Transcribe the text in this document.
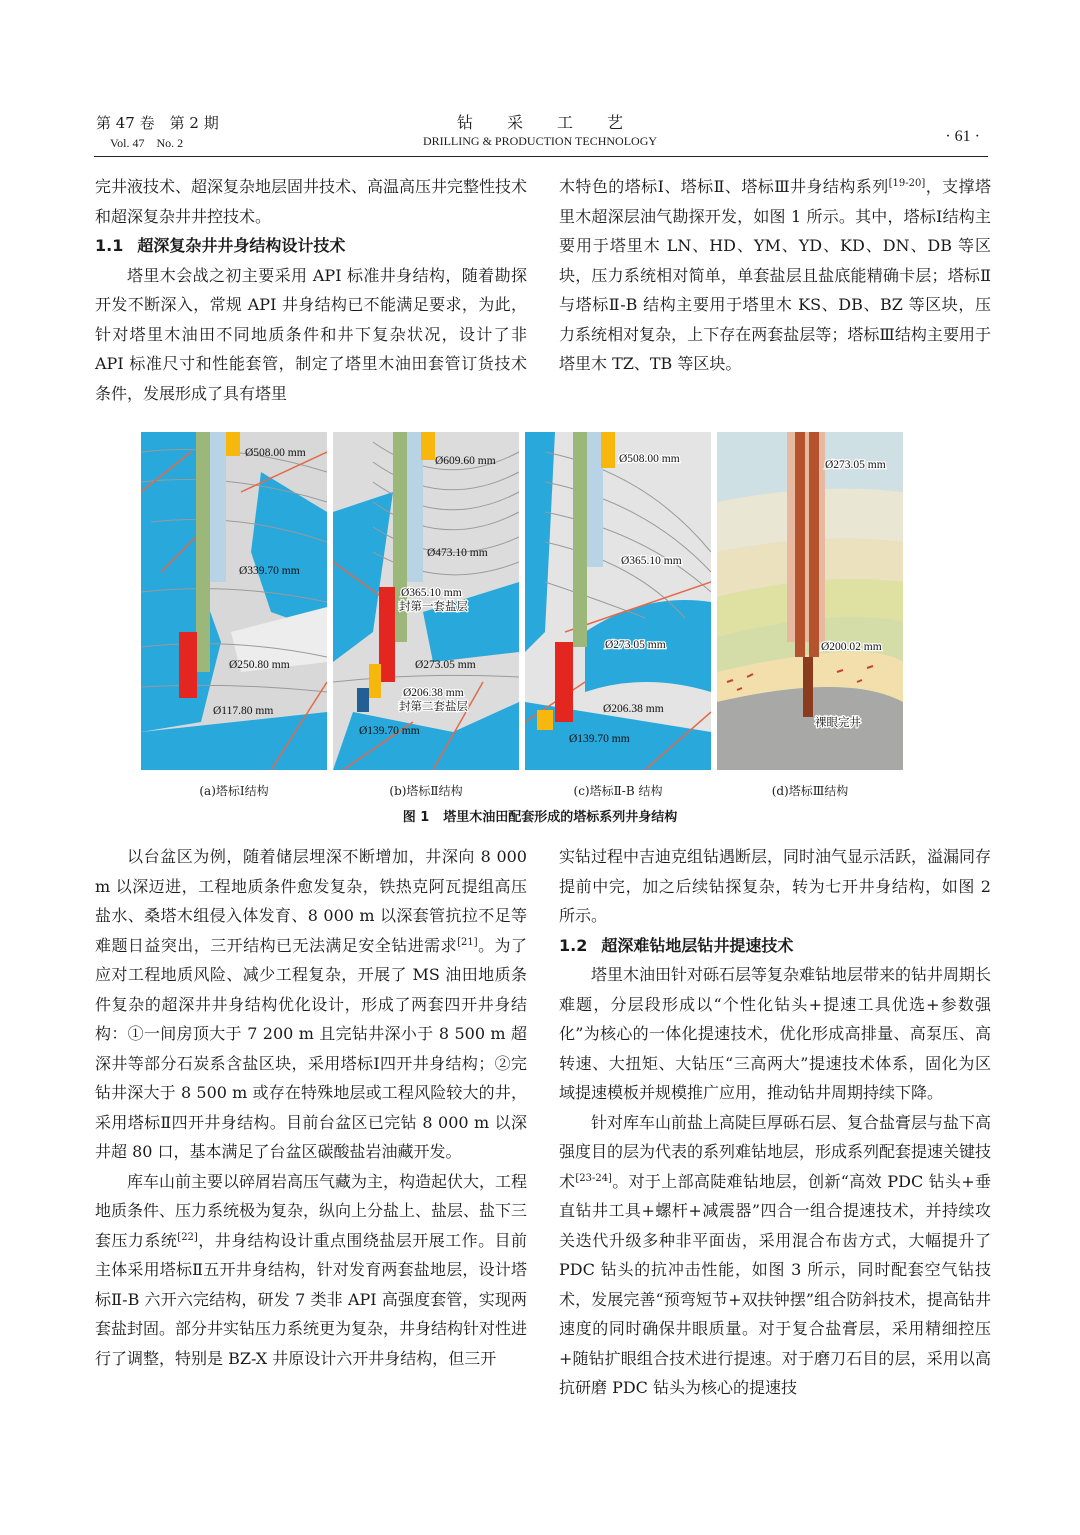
第 47 卷　第 2 期
Vol. 47　No. 2
钻采工艺
DRILLING & PRODUCTION TECHNOLOGY	· 61 ·

完井液技术、超深复杂地层固井技术、高温高压井完整性技术和超深复杂井井控技术。

1.1 超深复杂井井身结构设计技术

塔里木会战之初主要采用 API 标准井身结构，随着勘探开发不断深入，常规 API 井身结构已不能满足要求，为此，针对塔里木油田不同地质条件和井下复杂状况，设计了非 API 标准尺寸和性能套管，制定了塔里木油田套管订货技术条件，发展形成了具有塔里

木特色的塔标Ⅰ、塔标Ⅱ、塔标Ⅲ井身结构系列[19-20]，支撑塔里木超深层油气勘探开发，如图 1 所示。其中，塔标Ⅰ结构主要用于塔里木 LN、HD、YM、YD、KD、DN、DB 等区块，压力系统相对简单，单套盐层且盐底能精确卡层；塔标Ⅱ与塔标Ⅱ-B 结构主要用于塔里木 KS、DB、BZ 等区块，压力系统相对复杂，上下存在两套盐层等；塔标Ⅲ结构主要用于塔里木 TZ、TB 等区块。

Ø508.00 mm
Ø339.70 mm
Ø250.80 mm
Ø117.80 mm
Ø609.60 mm
Ø473.10 mm
Ø365.10 mm
封第一套盐层
Ø273.05 mm
Ø206.38 mm
封第二套盐层
Ø139.70 mm
Ø508.00 mm
Ø365.10 mm
Ø273.05 mm
Ø206.38 mm
Ø139.70 mm
Ø273.05 mm
Ø200.02 mm
裸眼完井
(a)塔标Ⅰ结构	(b)塔标Ⅱ结构	(c)塔标Ⅱ-B 结构	(d)塔标Ⅲ结构
图 1 塔里木油田配套形成的塔标系列井身结构

以台盆区为例，随着储层埋深不断增加，井深向 8 000 m 以深迈进，工程地质条件愈发复杂，铁热克阿瓦提组高压盐水、桑塔木组侵入体发育、8 000 m 以深套管抗拉不足等难题日益突出，三开结构已无法满足安全钻进需求[21]。为了应对工程地质风险、减少工程复杂，开展了 MS 油田地质条件复杂的超深井井身结构优化设计，形成了两套四开井身结构：①一间房顶大于 7 200 m 且完钻井深小于 8 500 m 超深井等部分石炭系含盐区块，采用塔标Ⅰ四开井身结构；②完钻井深大于 8 500 m 或存在特殊地层或工程风险较大的井，采用塔标Ⅱ四开井身结构。目前台盆区已完钻 8 000 m 以深井超 80 口，基本满足了台盆区碳酸盐岩油藏开发。

库车山前主要以碎屑岩高压气藏为主，构造起伏大，工程地质条件、压力系统极为复杂，纵向上分盐上、盐层、盐下三套压力系统[22]，井身结构设计重点围绕盐层开展工作。目前主体采用塔标Ⅱ五开井身结构，针对发育两套盐地层，设计塔标Ⅱ-B 六开六完结构，研发 7 类非 API 高强度套管，实现两套盐封固。部分井实钻压力系统更为复杂，井身结构针对性进行了调整，特别是 BZ-X 井原设计六开井身结构，但三开

实钻过程中吉迪克组钻遇断层，同时油气显示活跃，溢漏同存提前中完，加之后续钻探复杂，转为七开井身结构，如图 2 所示。

1.2 超深难钻地层钻井提速技术

塔里木油田针对砾石层等复杂难钻地层带来的钻井周期长难题，分层段形成以“个性化钻头+提速工具优选+参数强化”为核心的一体化提速技术，优化形成高排量、高泵压、高转速、大扭矩、大钻压“三高两大”提速技术体系，固化为区域提速模板并规模推广应用，推动钻井周期持续下降。

针对库车山前盐上高陡巨厚砾石层、复合盐膏层与盐下高强度目的层为代表的系列难钻地层，形成系列配套提速关键技术[23-24]。对于上部高陡难钻地层，创新“高效 PDC 钻头+垂直钻井工具+螺杆+减震器”四合一组合提速技术，并持续攻关迭代升级多种非平面齿，采用混合布齿方式，大幅提升了 PDC 钻头的抗冲击性能，如图 3 所示，同时配套空气钻技术，发展完善“预弯短节+双扶钟摆”组合防斜技术，提高钻井速度的同时确保井眼质量。对于复合盐膏层，采用精细控压+随钻扩眼组合技术进行提速。对于磨刀石目的层，采用以高抗研磨 PDC 钻头为核心的提速技
